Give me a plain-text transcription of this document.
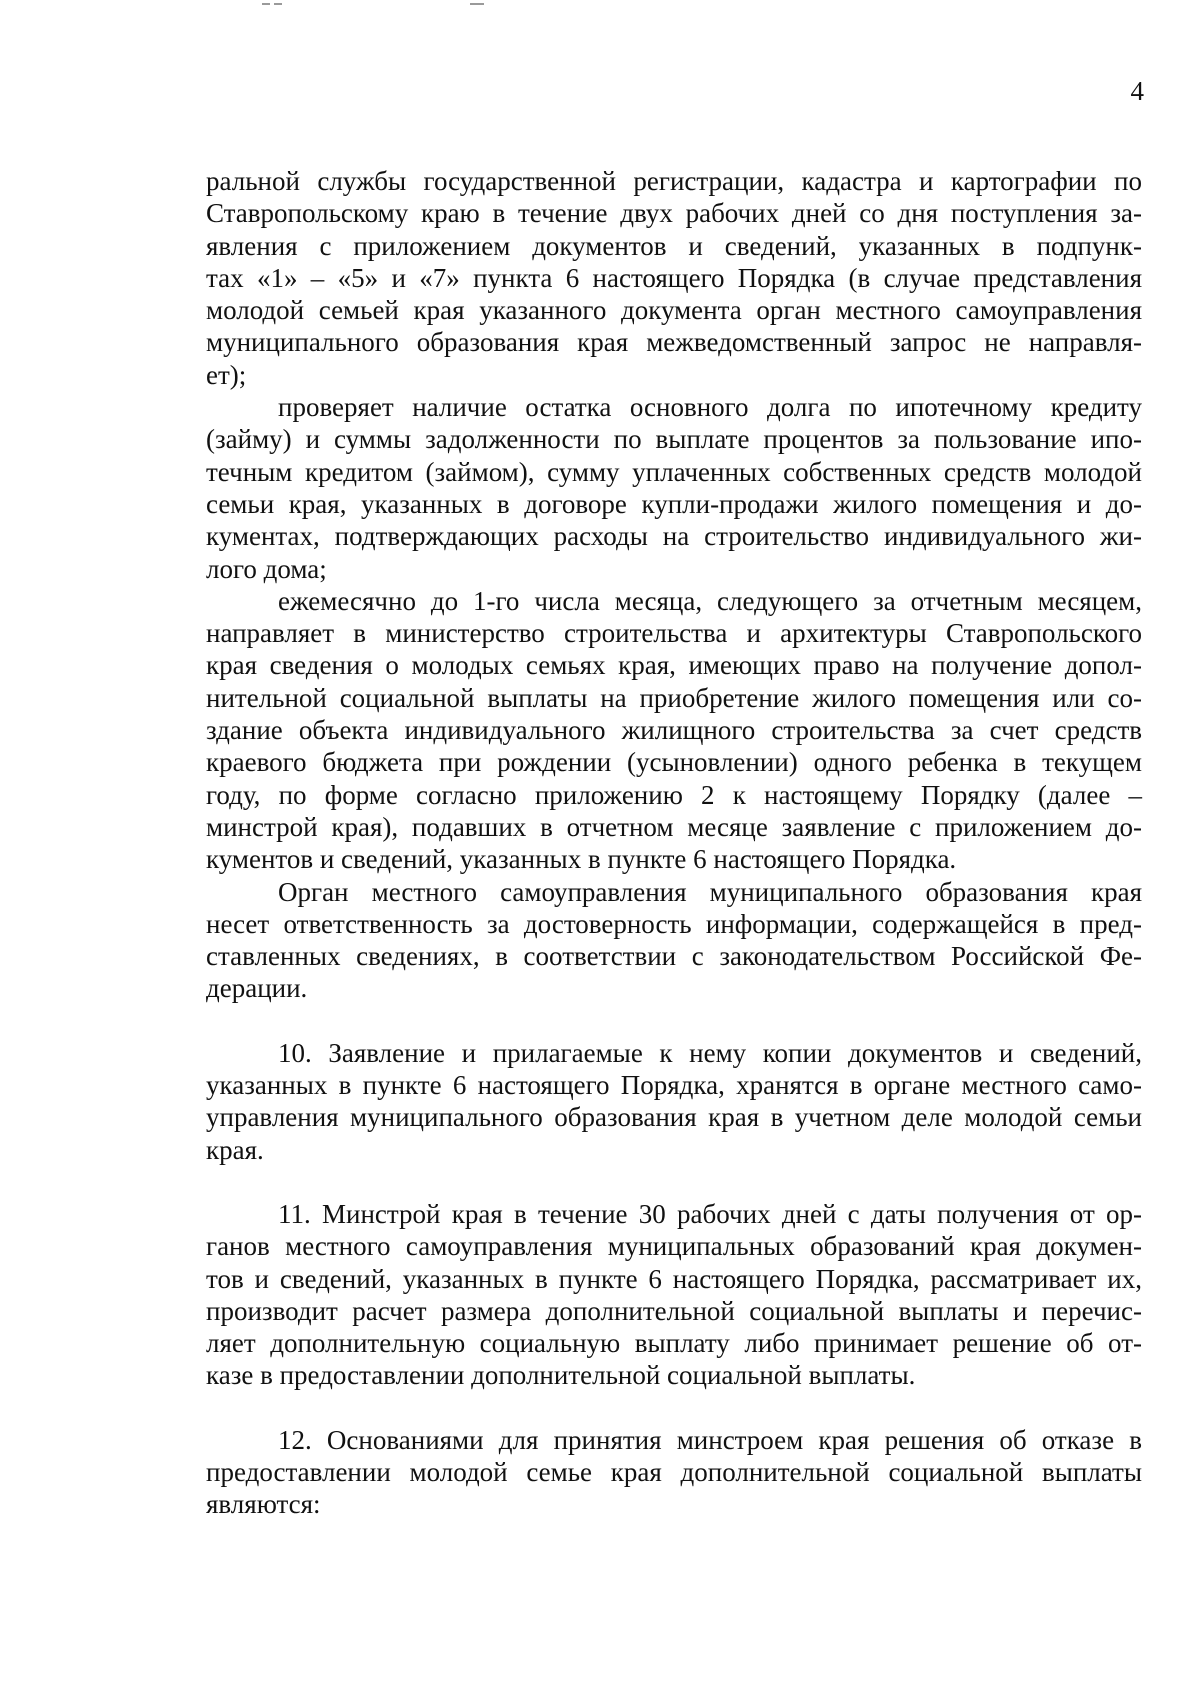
4
ральной службы государственной регистрации, кадастра и картографии по
Ставропольскому краю в течение двух рабочих дней со дня поступления за-
явления с приложением документов и сведений, указанных в подпунк-
тах «1» – «5» и «7» пункта 6 настоящего Порядка (в случае представления
молодой семьей края указанного документа орган местного самоуправления
муниципального образования края межведомственный запрос не направля-
ет);
проверяет наличие остатка основного долга по ипотечному кредиту
(займу) и суммы задолженности по выплате процентов за пользование ипо-
течным кредитом (займом), сумму уплаченных собственных средств молодой
семьи края, указанных в договоре купли-продажи жилого помещения и до-
кументах, подтверждающих расходы на строительство индивидуального жи-
лого дома;
ежемесячно до 1-го числа месяца, следующего за отчетным месяцем,
направляет в министерство строительства и архитектуры Ставропольского
края сведения о молодых семьях края, имеющих право на получение допол-
нительной социальной выплаты на приобретение жилого помещения или со-
здание объекта индивидуального жилищного строительства за счет средств
краевого бюджета при рождении (усыновлении) одного ребенка в текущем
году, по форме согласно приложению 2 к настоящему Порядку (далее –
минстрой края), подавших в отчетном месяце заявление с приложением до-
кументов и сведений, указанных в пункте 6 настоящего Порядка.
Орган местного самоуправления муниципального образования края
несет ответственность за достоверность информации, содержащейся в пред-
ставленных сведениях, в соответствии с законодательством Российской Фе-
дерации.
10. Заявление и прилагаемые к нему копии документов и сведений,
указанных в пункте 6 настоящего Порядка, хранятся в органе местного само-
управления муниципального образования края в учетном деле молодой семьи
края.
11. Минстрой края в течение 30 рабочих дней с даты получения от ор-
ганов местного самоуправления муниципальных образований края докумен-
тов и сведений, указанных в пункте 6 настоящего Порядка, рассматривает их,
производит расчет размера дополнительной социальной выплаты и перечис-
ляет дополнительную социальную выплату либо принимает решение об от-
казе в предоставлении дополнительной социальной выплаты.
12. Основаниями для принятия минстроем края решения об отказе в
предоставлении молодой семье края дополнительной социальной выплаты
являются:
